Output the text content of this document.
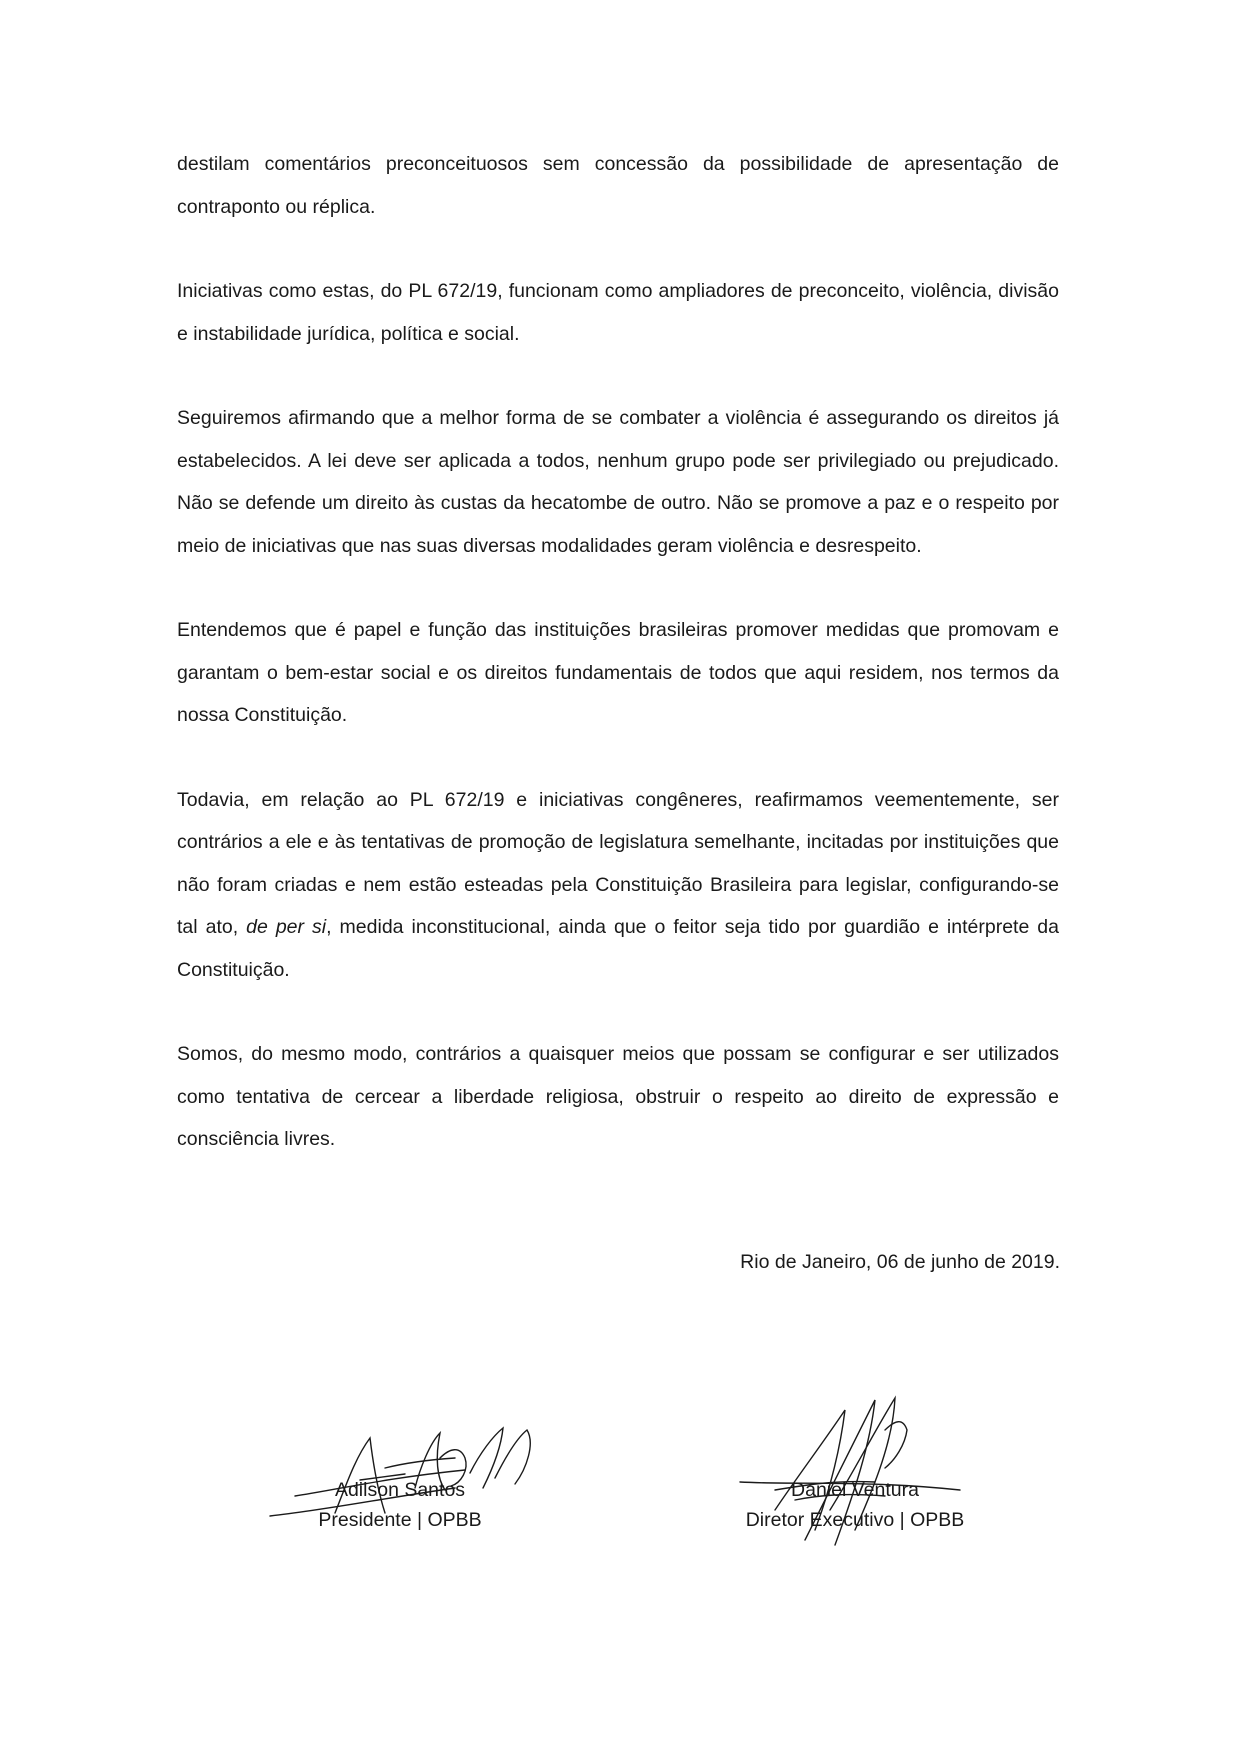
destilam comentários preconceituosos sem concessão da possibilidade de apresentação de contraponto ou réplica.

Iniciativas como estas, do PL 672/19, funcionam como ampliadores de preconceito, violência, divisão e instabilidade jurídica, política e social.

Seguiremos afirmando que a melhor forma de se combater a violência é assegurando os direitos já estabelecidos. A lei deve ser aplicada a todos, nenhum grupo pode ser privilegiado ou prejudicado. Não se defende um direito às custas da hecatombe de outro. Não se promove a paz e o respeito por meio de iniciativas que nas suas diversas modalidades geram violência e desrespeito.

Entendemos que é papel e função das instituições brasileiras promover medidas que promovam e garantam o bem-estar social e os direitos fundamentais de todos que aqui residem, nos termos da nossa Constituição.

Todavia, em relação ao PL 672/19 e iniciativas congêneres, reafirmamos veementemente, ser contrários a ele e às tentativas de promoção de legislatura semelhante, incitadas por instituições que não foram criadas e nem estão esteadas pela Constituição Brasileira para legislar, configurando-se tal ato, de per si, medida inconstitucional, ainda que o feitor seja tido por guardião e intérprete da Constituição.

Somos, do mesmo modo, contrários a quaisquer meios que possam se configurar e ser utilizados como tentativa de cercear a liberdade religiosa, obstruir o respeito ao direito de expressão e consciência livres.

Rio de Janeiro, 06 de junho de 2019.
Adilson Santos
Presidente | OPBB
Daniel Ventura
Diretor Executivo | OPBB
